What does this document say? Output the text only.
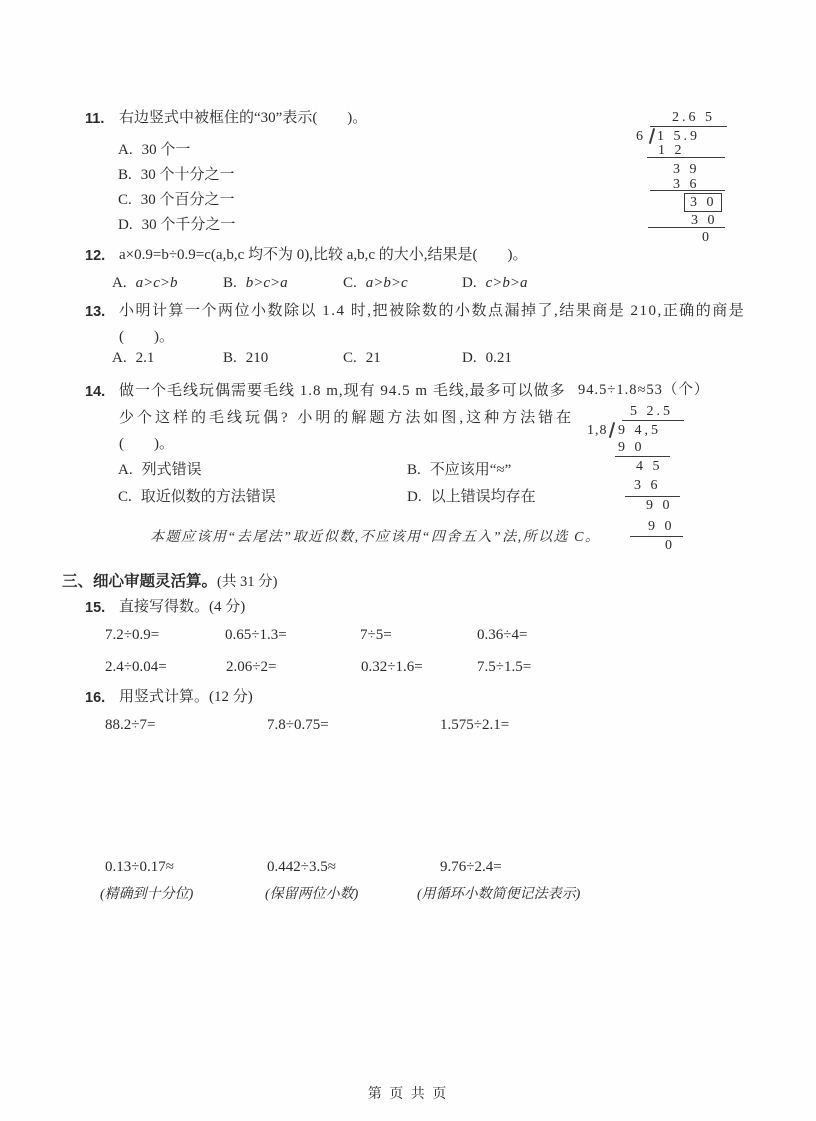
11. 右边竖式中被框住的“30”表示(　　)。
A. 30 个一
B. 30 个十分之一
C. 30 个百分之一
D. 30 个千分之一
2.6 5
6 1 5.9
1 2
3 9
3 6
3 0
3 0
0
12. a×0.9=b÷0.9=c(a,b,c 均不为 0),比较 a,b,c 的大小,结果是(　　)。
A. a>c>b	B. b>c>a	C. a>b>c	D. c>b>a
13. 小明计算一个两位小数除以 1.4 时,把被除数的小数点漏掉了,结果商是 210,正确的商是
(　　)。
A. 2.1	B. 210	C. 21	D. 0.21
14. 做一个毛线玩偶需要毛线 1.8 m,现有 94.5 m 毛线,最多可以做多
少个这样的毛线玩偶? 小明的解题方法如图,这种方法错在
(　　)。
A. 列式错误	B. 不应该用“≈”
C. 取近似数的方法错误	D. 以上错误均存在
94.5÷1.8≈53（个）
5 2.5
1,8 9 4,5
9 0
4 5
3 6
9 0
9 0
0
本题应该用“去尾法”取近似数,不应该用“四舍五入”法,所以选 C。
三、细心审题灵活算。(共 31 分)
15. 直接写得数。(4 分)
7.2÷0.9=	0.65÷1.3=	7÷5=	0.36÷4=
2.4÷0.04=	2.06÷2=	0.32÷1.6=	7.5÷1.5=
16. 用竖式计算。(12 分)
88.2÷7=	7.8÷0.75=	1.575÷2.1=
0.13÷0.17≈	0.442÷3.5≈	9.76÷2.4=
(精确到十分位)	(保留两位小数)	(用循环小数简便记法表示)
第 页 共 页
